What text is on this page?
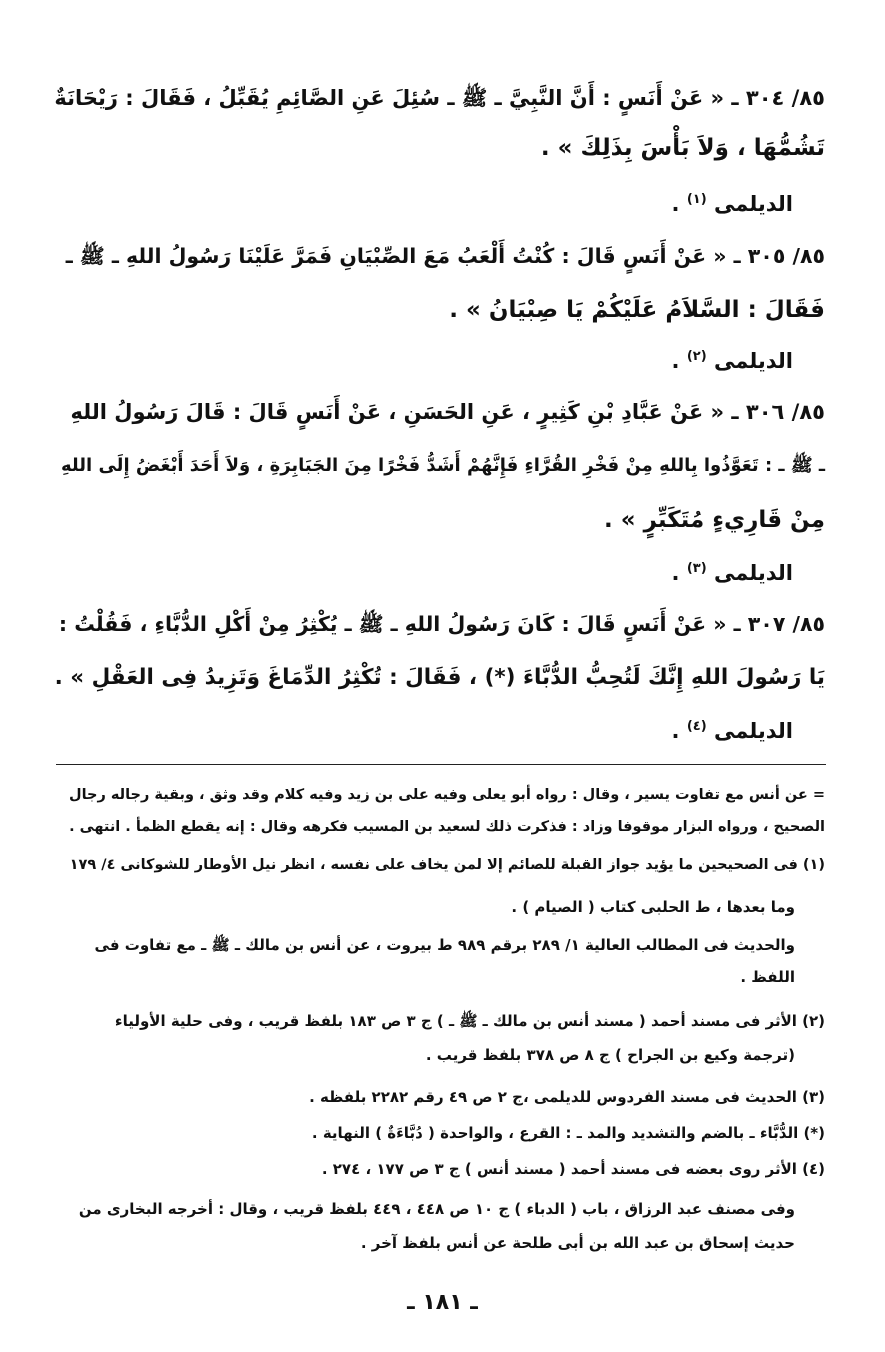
٨٥/ ٣٠٤ ـ « عَنْ أَنَسٍ : أَنَّ النَّبِيَّ ـ ﷺ ـ سُئِلَ عَنِ الصَّائِمِ يُقَبِّلُ ، فَقَالَ : رَيْحَانَةٌ
تَشُمُّهَا ، وَلاَ بَأْسَ بِذَلِكَ » .
الديلمى $^{(١)}$ .
٨٥/ ٣٠٥ ـ « عَنْ أَنَسٍ قَالَ : كُنْتُ أَلْعَبُ مَعَ الصِّبْيَانِ فَمَرَّ عَلَيْنَا رَسُولُ اللهِ ـ ﷺ ـ
فَقَالَ : السَّلاَمُ عَلَيْكُمْ يَا صِبْيَانُ » .
الديلمى $^{(٢)}$ .
٨٥/ ٣٠٦ ـ « عَنْ عَبَّادِ بْنِ كَثِيرٍ ، عَنِ الحَسَنِ ، عَنْ أَنَسٍ قَالَ : قَالَ رَسُولُ اللهِ
ـ ﷺ ـ : تَعَوَّذُوا بِاللهِ مِنْ فَخْرِ القُرَّاءِ فَإِنَّهُمْ أَشَدُّ فَخْرًا مِنَ الجَبَابِرَةِ ، وَلاَ أَحَدَ أَبْغَضُ إِلَى اللهِ
مِنْ قَارِيءٍ مُتَكَبِّرٍ » .
الديلمى $^{(٣)}$ .
٨٥/ ٣٠٧ ـ « عَنْ أَنَسٍ قَالَ : كَانَ رَسُولُ اللهِ ـ ﷺ ـ يُكْثِرُ مِنْ أَكْلِ الدُّبَّاءِ ، فَقُلْتُ :
يَا رَسُولَ اللهِ إِنَّكَ لَتُحِبُّ الدُّبَّاءَ (*) ، فَقَالَ : تُكْثِرُ الدِّمَاغَ وَتَزِيدُ فِى العَقْلِ » .
الديلمى $^{(٤)}$ .
= عن أنس مع تفاوت يسير ، وقال : رواه أبو يعلى وفيه على بن زيد وفيه كلام وقد وثق ، وبقية رجاله رجال
الصحيح ، ورواه البزار موقوفا وزاد : فذكرت ذلك لسعيد بن المسيب فكرهه وقال : إنه يقطع الظمأ . انتهى .
(١) فى الصحيحين ما يؤيد جواز القبلة للصائم إلا لمن يخاف على نفسه ، انظر نيل الأوطار للشوكانى ٤/ ١٧٩
وما بعدها ، ط الحلبى كتاب ( الصيام ) .
والحديث فى المطالب العالية ١/ ٢٨٩ برقم ٩٨٩ ط بيروت ، عن أنس بن مالك ـ ﷺ ـ مع تفاوت فى
اللفظ .
(٢) الأثر فى مسند أحمد ( مسند أنس بن مالك ـ ﷺ ـ ) ج ٣ ص ١٨٣ بلفظ قريب ، وفى حلية الأولياء
(ترجمة وكيع بن الجراح ) ج ٨ ص ٣٧٨ بلفظ قريب .
(٣) الحديث فى مسند الفردوس للديلمى ،ج ٢ ص ٤٩ رقم ٢٢٨٢ بلفظه .
(*) الدُّبَّاء ـ بالضم والتشديد والمد ـ : القرع ، والواحدة ( دُبَّاءَةٌ ) النهاية .
(٤) الأثر روى بعضه فى مسند أحمد ( مسند أنس ) ج ٣ ص ١٧٧ ، ٢٧٤ .
وفى مصنف عبد الرزاق ، باب ( الدباء ) ج ١٠ ص ٤٤٨ ، ٤٤٩ بلفظ قريب ، وقال : أخرجه البخارى من
حديث إسحاق بن عبد الله بن أبى طلحة عن أنس بلفظ آخر .
ـ ١٨١ ـ
